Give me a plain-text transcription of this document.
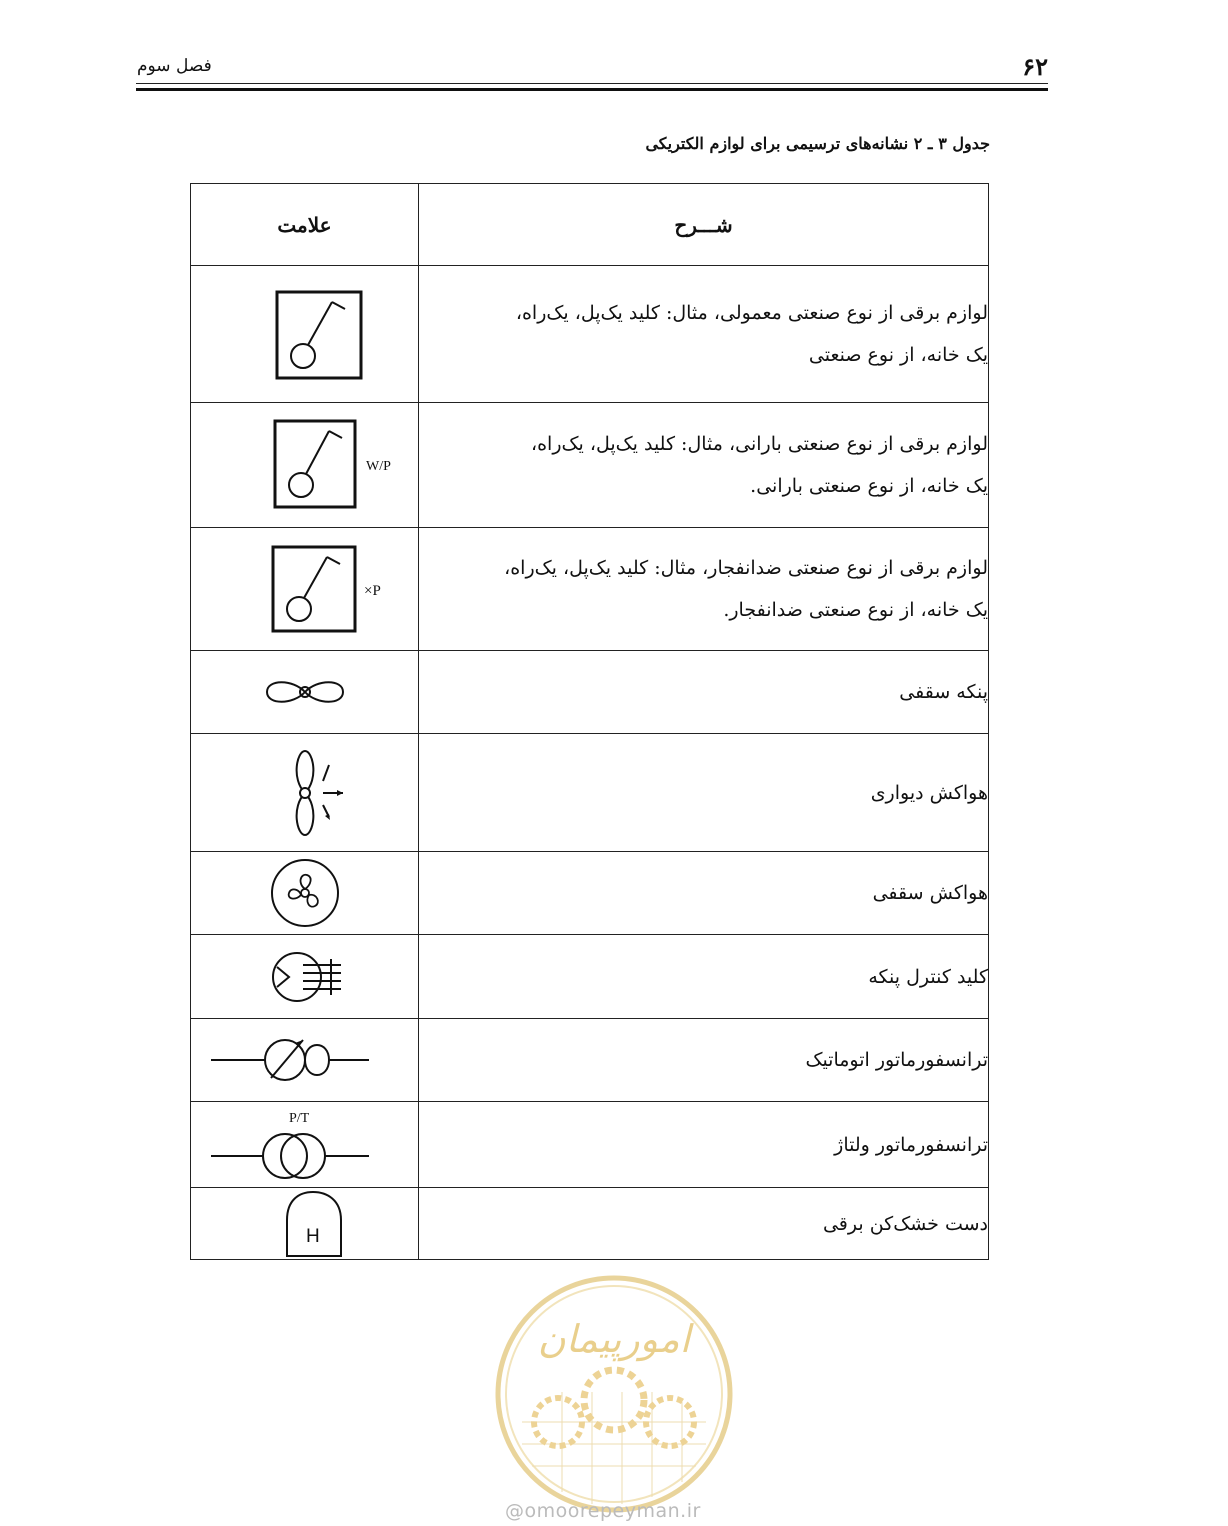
۶۲
فصل سوم
جدول ۳ ـ ۲ نشانه‌های ترسیمی برای لوازم الکتریکی
علامت	شـــرح

لوازم برقی از نوع صنعتی معمولی، مثال: کلید یک‌پل، یک‌راه،
یک خانه، از نوع صنعتی

W/P	لوازم برقی از نوع صنعتی بارانی، مثال: کلید یک‌پل، یک‌راه،
یک خانه، از نوع صنعتی بارانی.

×P	لوازم برقی از نوع صنعتی ضدانفجار، مثال: کلید یک‌پل، یک‌راه،
یک خانه، از نوع صنعتی ضدانفجار.

پنکه سقفی

هواکش دیواری

هواکش سقفی

کلید کنترل پنکه

ترانسفورماتور اتوماتیک

P/T	ترانسفورماتور ولتاژ

H	دست خشک‌کن برقی
امورپیمان
@omoorepeyman.ir
